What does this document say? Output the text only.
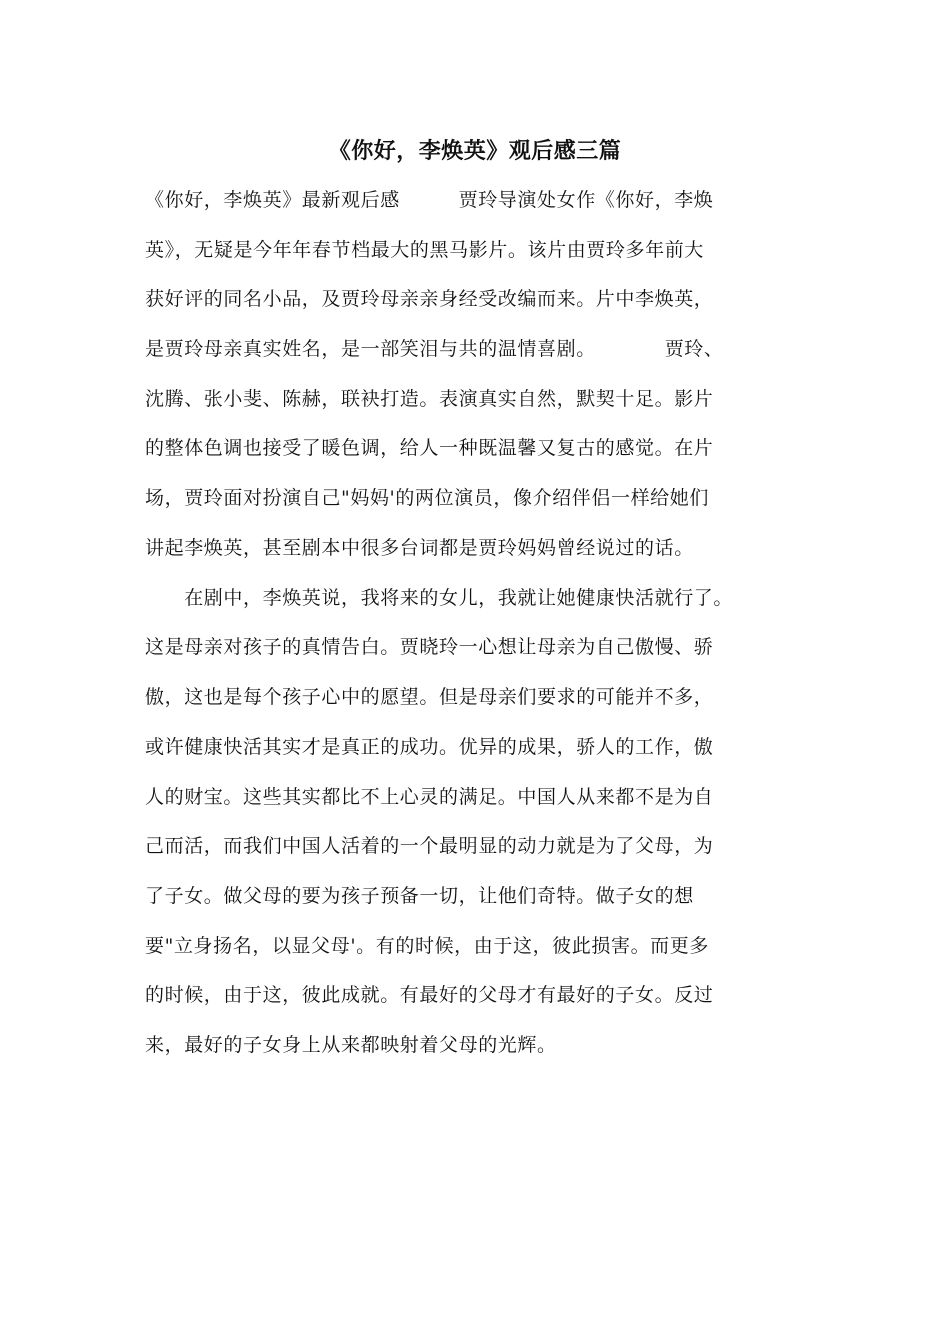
《你好，李焕英》观后感三篇
《你好，李焕英》最新观后感　　　贾玲导演处女作《你好，李焕
英》，无疑是今年年春节档最大的黑马影片。该片由贾玲多年前大
获好评的同名小品，及贾玲母亲亲身经受改编而来。片中李焕英，
是贾玲母亲真实姓名，是一部笑泪与共的温情喜剧。　　　　贾玲、
沈腾、张小斐、陈赫，联袂打造。表演真实自然，默契十足。影片
的整体色调也接受了暖色调，给人一种既温馨又复古的感觉。在片
场，贾玲面对扮演自己"妈妈'的两位演员，像介绍伴侣一样给她们
讲起李焕英，甚至剧本中很多台词都是贾玲妈妈曾经说过的话。
　　在剧中，李焕英说，我将来的女儿，我就让她健康快活就行了。
这是母亲对孩子的真情告白。贾晓玲一心想让母亲为自己傲慢、骄
傲，这也是每个孩子心中的愿望。但是母亲们要求的可能并不多，
或许健康快活其实才是真正的成功。优异的成果，骄人的工作，傲
人的财宝。这些其实都比不上心灵的满足。中国人从来都不是为自
己而活，而我们中国人活着的一个最明显的动力就是为了父母，为
了子女。做父母的要为孩子预备一切，让他们奇特。做子女的想
要"立身扬名，以显父母'。有的时候，由于这，彼此损害。而更多
的时候，由于这，彼此成就。有最好的父母才有最好的子女。反过
来，最好的子女身上从来都映射着父母的光辉。
